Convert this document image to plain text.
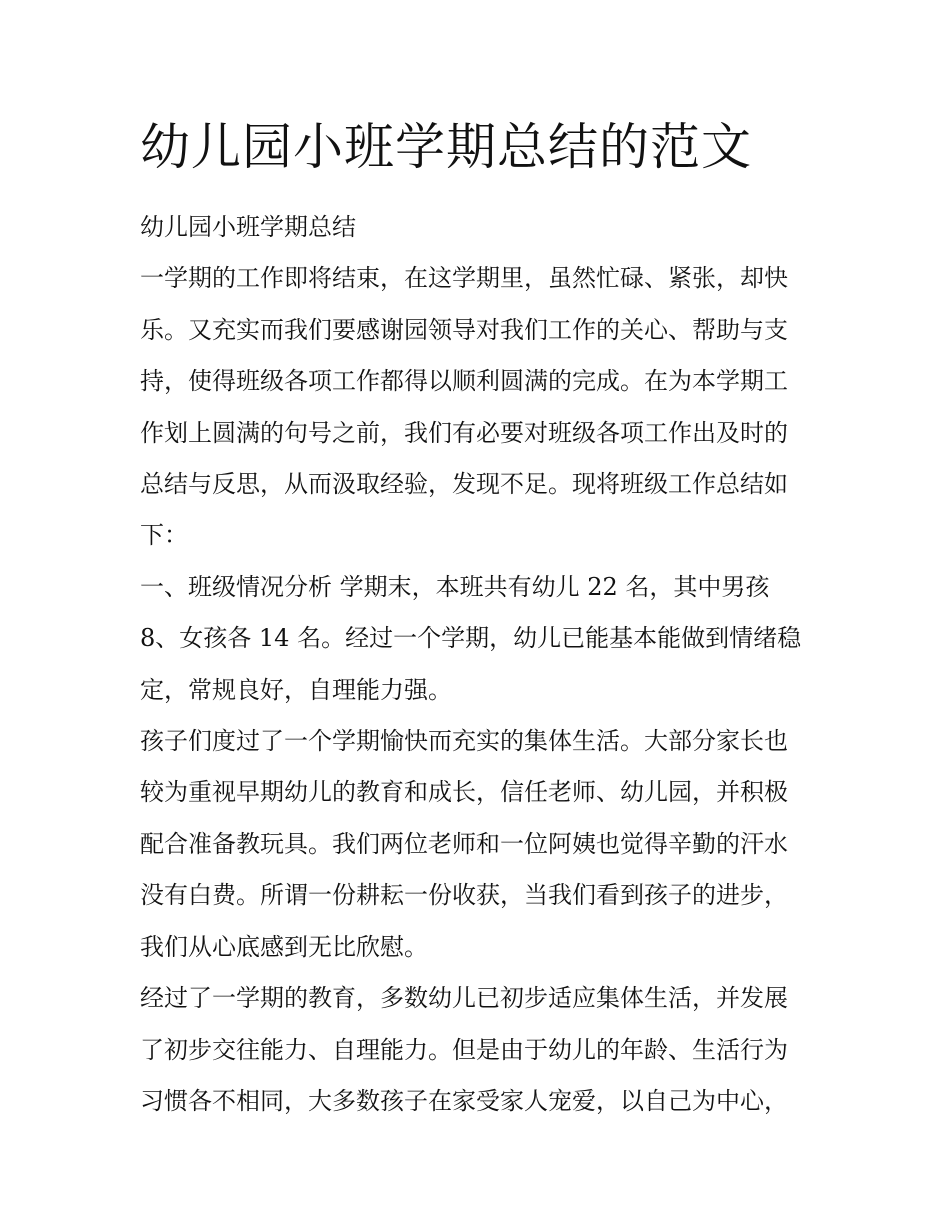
幼儿园小班学期总结的范文
幼儿园小班学期总结
一学期的工作即将结束，在这学期里，虽然忙碌、紧张，却快
乐。又充实而我们要感谢园领导对我们工作的关心、帮助与支
持，使得班级各项工作都得以顺利圆满的完成。在为本学期工
作划上圆满的句号之前，我们有必要对班级各项工作出及时的
总结与反思，从而汲取经验，发现不足。现将班级工作总结如
下：
一、班级情况分析 学期末，本班共有幼儿 22 名，其中男孩
8、女孩各 14 名。经过一个学期，幼儿已能基本能做到情绪稳
定，常规良好，自理能力强。
孩子们度过了一个学期愉快而充实的集体生活。大部分家长也
较为重视早期幼儿的教育和成长，信任老师、幼儿园，并积极
配合准备教玩具。我们两位老师和一位阿姨也觉得辛勤的汗水
没有白费。所谓一份耕耘一份收获，当我们看到孩子的进步，
我们从心底感到无比欣慰。
经过了一学期的教育，多数幼儿已初步适应集体生活，并发展
了初步交往能力、自理能力。但是由于幼儿的年龄、生活行为
习惯各不相同，大多数孩子在家受家人宠爱，以自己为中心，
